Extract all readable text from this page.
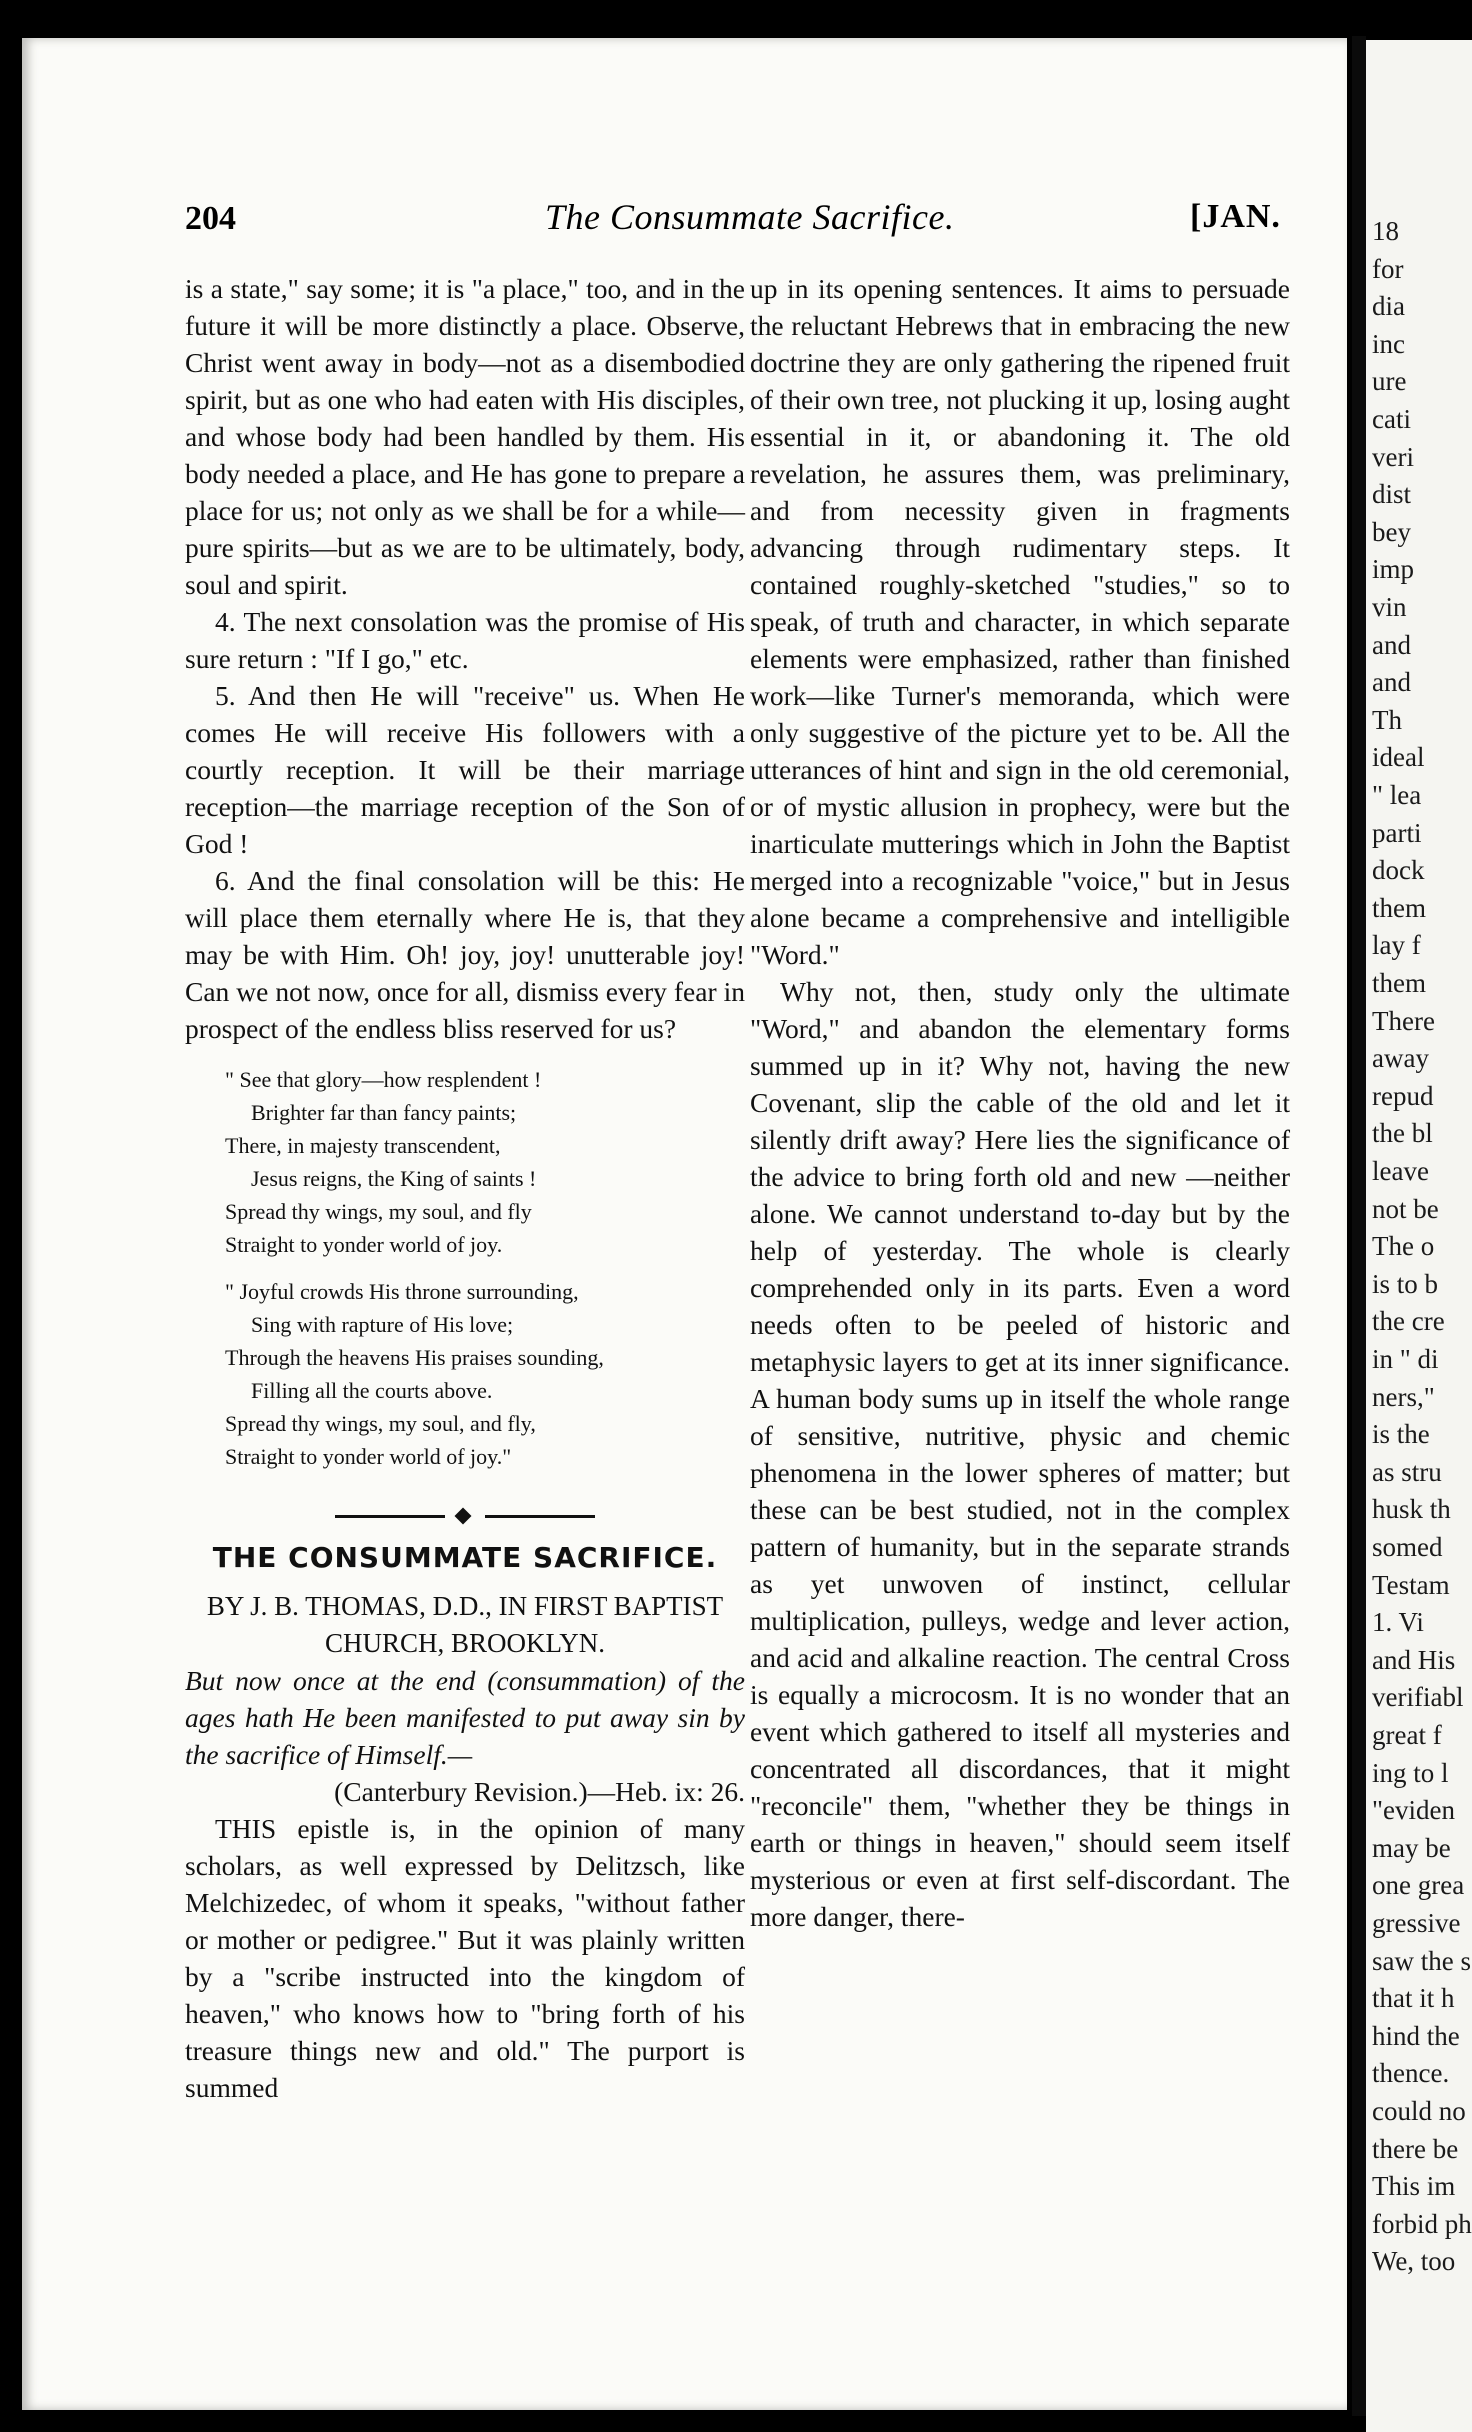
18
for
dia
inc
ure
cati
veri
dist
bey
imp
vin
and
and
Th
ideal
" lea
parti
dock
them
lay f
them
There
away
repud
the bl
leave
not be
The o
is to b
the cre
in " di
ners,"
is the
as stru
husk th
somed
Testam
1. Vi
and His
verifiabl
great f
ing to l
"eviden
may be
one grea
gressive
saw the s
that it h
hind the
thence.
could no
there be
This im
forbid ph
We, too
204	The Consummate Sacrifice.	[JAN.

is a state," say some; it is "a place," too, and in the future it will be more distinctly a place. Observe, Christ went away in body—not as a disembodied spirit, but as one who had eaten with His disciples, and whose body had been handled by them. His body needed a place, and He has gone to prepare a place for us; not only as we shall be for a while—pure spirits—but as we are to be ultimately, body, soul and spirit.

4. The next consolation was the promise of His sure return : "If I go," etc.

5. And then He will "receive" us. When He comes He will receive His followers with a courtly reception. It will be their marriage reception—the marriage reception of the Son of God !

6. And the final consolation will be this: He will place them eternally where He is, that they may be with Him. Oh! joy, joy! unutterable joy! Can we not now, once for all, dismiss every fear in prospect of the endless bliss reserved for us?

" See that glory—how resplendent !
Brighter far than fancy paints;
There, in majesty transcendent,
Jesus reigns, the King of saints !
Spread thy wings, my soul, and fly
Straight to yonder world of joy.
" Joyful crowds His throne surrounding,
Sing with rapture of His love;
Through the heavens His praises sounding,
Filling all the courts above.
Spread thy wings, my soul, and fly,
Straight to yonder world of joy."
THE CONSUMMATE SACRIFICE.
BY J. B. THOMAS, D.D., IN FIRST BAPTIST CHURCH, BROOKLYN.

But now once at the end (consummation) of the ages hath He been manifested to put away sin by the sacrifice of Himself.—

(Canterbury Revision.)—Heb. ix: 26.

THIS epistle is, in the opinion of many scholars, as well expressed by Delitzsch, like Melchizedec, of whom it speaks, "without father or mother or pedigree." But it was plainly written by a "scribe instructed into the kingdom of heaven," who knows how to "bring forth of his treasure things new and old." The purport is summed

up in its opening sentences. It aims to persuade the reluctant Hebrews that in embracing the new doctrine they are only gathering the ripened fruit of their own tree, not plucking it up, losing aught essential in it, or abandoning it. The old revelation, he assures them, was preliminary, and from necessity given in fragments advancing through rudimentary steps. It contained roughly-sketched "studies," so to speak, of truth and character, in which separate elements were emphasized, rather than finished work—like Turner's memoranda, which were only suggestive of the picture yet to be. All the utterances of hint and sign in the old ceremonial, or of mystic allusion in prophecy, were but the inarticulate mutterings which in John the Baptist merged into a recognizable "voice," but in Jesus alone became a comprehensive and intelligible "Word."

Why not, then, study only the ultimate "Word," and abandon the elementary forms summed up in it? Why not, having the new Covenant, slip the cable of the old and let it silently drift away? Here lies the significance of the advice to bring forth old and new —neither alone. We cannot understand to-day but by the help of yesterday. The whole is clearly comprehended only in its parts. Even a word needs often to be peeled of historic and metaphysic layers to get at its inner significance. A human body sums up in itself the whole range of sensitive, nutritive, physic and chemic phenomena in the lower spheres of matter; but these can be best studied, not in the complex pattern of humanity, but in the separate strands as yet unwoven of instinct, cellular multiplication, pulleys, wedge and lever action, and acid and alkaline reaction. The central Cross is equally a microcosm. It is no wonder that an event which gathered to itself all mysteries and concentrated all discordances, that it might "reconcile" them, "whether they be things in earth or things in heaven," should seem itself mysterious or even at first self-discordant. The more danger, there-
